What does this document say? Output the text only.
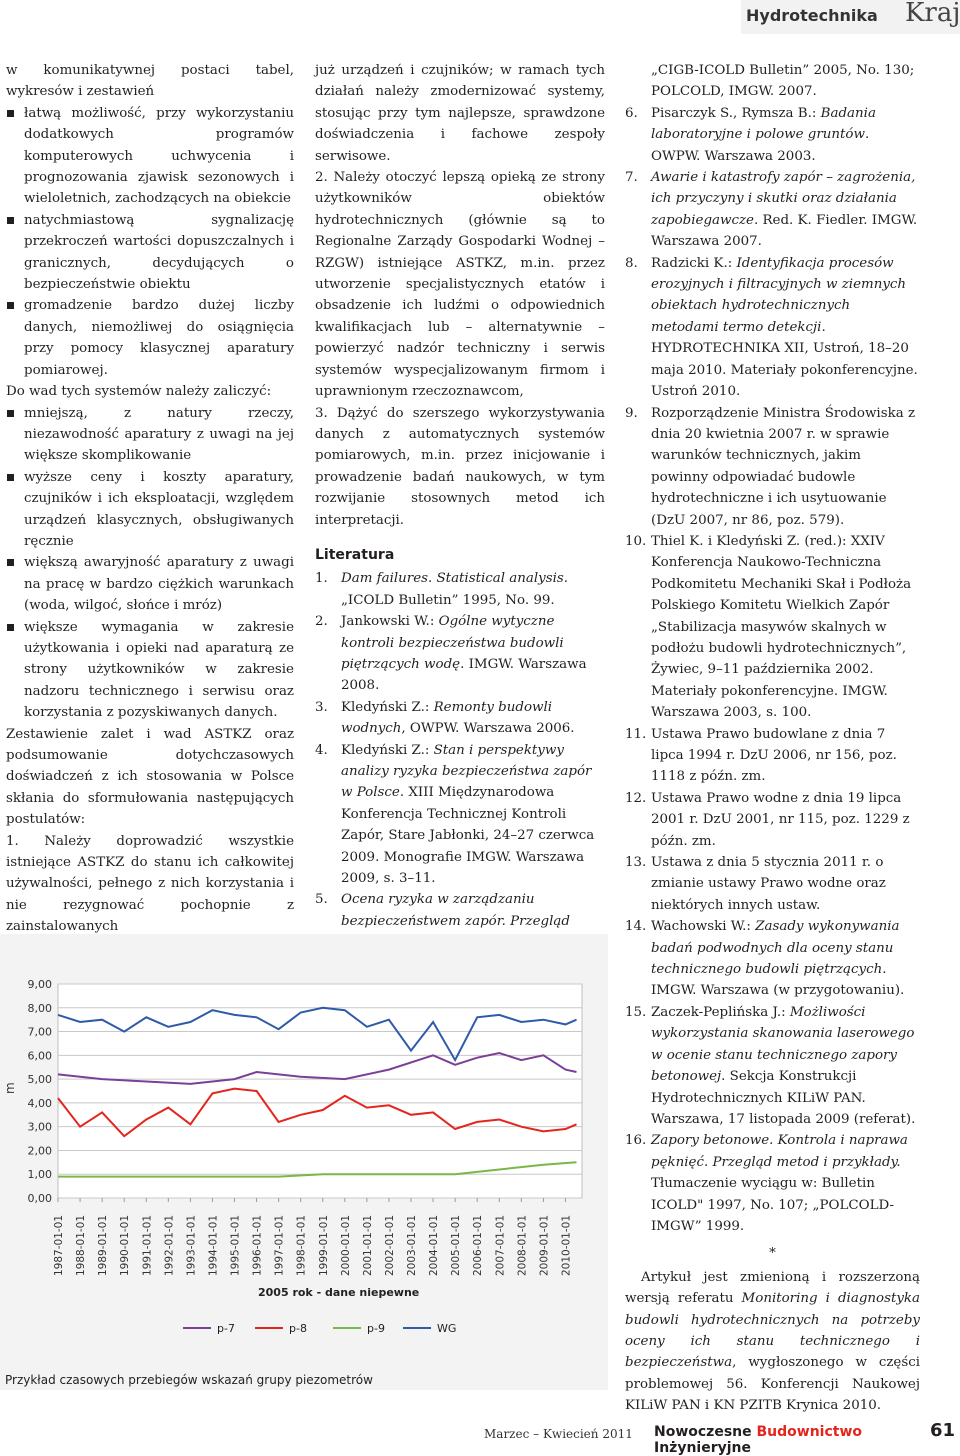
Hydrotechnika Kraj

w komunikatywnej postaci tabel, wykresów i zestawień

łatwą możliwość, przy wykorzystaniu dodatkowych programów komputerowych uchwycenia i prognozowania zjawisk sezonowych i wieloletnich, zachodzących na obiekcie
natychmiastową sygnalizację przekroczeń wartości dopuszczalnych i granicznych, decydujących o bezpieczeństwie obiektu
gromadzenie bardzo dużej liczby danych, niemożliwej do osiągnięcia przy pomocy klasycznej aparatury pomiarowej.

Do wad tych systemów należy zaliczyć:

mniejszą, z natury rzeczy, niezawodność aparatury z uwagi na jej większe skomplikowanie
wyższe ceny i koszty aparatury, czujników i ich eksploatacji, względem urządzeń klasycznych, obsługiwanych ręcznie
większą awaryjność aparatury z uwagi na pracę w bardzo ciężkich warunkach (woda, wilgoć, słońce i mróz)
większe wymagania w zakresie użytkowania i opieki nad aparaturą ze strony użytkowników w zakresie nadzoru technicznego i serwisu oraz korzystania z pozyskiwanych danych.

Zestawienie zalet i wad ASTKZ oraz podsumowanie dotychczasowych doświadczeń z ich stosowania w Polsce skłania do sformułowania następujących postulatów:

1. Należy doprowadzić wszystkie istniejące ASTKZ do stanu ich całkowitej używalności, pełnego z nich korzystania i nie rezygnować pochopnie z zainstalowanych

już urządzeń i czujników; w ramach tych działań należy zmodernizować systemy, stosując przy tym najlepsze, sprawdzone doświadczenia i fachowe zespoły serwisowe.

2. Należy otoczyć lepszą opieką ze strony użytkowników obiektów hydrotechnicznych (głównie są to Regionalne Zarządy Gospodarki Wodnej – RZGW) istniejące ASTKZ, m.in. przez utworzenie specjalistycznych etatów i obsadzenie ich ludźmi o odpowiednich kwalifikacjach lub – alternatywnie – powierzyć nadzór techniczny i serwis systemów wyspecjalizowanym firmom i uprawnionym rzeczoznawcom,

3. Dążyć do szerszego wykorzystywania danych z automatycznych systemów pomiarowych, m.in. przez inicjowanie i prowadzenie badań naukowych, w tym rozwijanie stosownych metod ich interpretacji.

Literatura
1. Dam failures. Statistical analysis. „ICOLD Bulletin” 1995, No. 99.
2. Jankowski W.: Ogólne wytyczne kontroli bezpieczeństwa budowli piętrzących wodę. IMGW. Warszawa 2008.
3. Kledyński Z.: Remonty budowli wodnych, OWPW. Warszawa 2006.
4. Kledyński Z.: Stan i perspektywy analizy ryzyka bezpieczeństwa zapór w Polsce. XIII Międzynarodowa Konferencja Technicznej Kontroli Zapór, Stare Jabłonki, 24–27 czerwca 2009. Monografie IMGW. Warszawa 2009, s. 3–11.
5. Ocena ryzyka w zarządzaniu bezpieczeństwem zapór. Przegląd
„CIGB-ICOLD Bulletin” 2005, No. 130; POLCOLD, IMGW. 2007.
6. Pisarczyk S., Rymsza B.: Badania laboratoryjne i polowe gruntów. OWPW. Warszawa 2003.
7. Awarie i katastrofy zapór – zagrożenia, ich przyczyny i skutki oraz działania zapobiegawcze. Red. K. Fiedler. IMGW. Warszawa 2007.
8. Radzicki K.: Identyfikacja procesów erozyjnych i filtracyjnych w ziemnych obiektach hydrotechnicznych metodami termo detekcji. HYDROTECHNIKA XII, Ustroń, 18–20 maja 2010. Materiały pokonferencyjne. Ustroń 2010.
9. Rozporządzenie Ministra Środowiska z dnia 20 kwietnia 2007 r. w sprawie warunków technicznych, jakim powinny odpowiadać budowle hydrotechniczne i ich usytuowanie (DzU 2007, nr 86, poz. 579).
10. Thiel K. i Kledyński Z. (red.): XXIV Konferencja Naukowo-Techniczna Podkomitetu Mechaniki Skał i Podłoża Polskiego Komitetu Wielkich Zapór „Stabilizacja masywów skalnych w podłożu budowli hydrotechnicznych”, Żywiec, 9–11 października 2002. Materiały pokonferencyjne. IMGW. Warszawa 2003, s. 100.
11. Ustawa Prawo budowlane z dnia 7 lipca 1994 r. DzU 2006, nr 156, poz. 1118 z późn. zm.
12. Ustawa Prawo wodne z dnia 19 lipca 2001 r. DzU 2001, nr 115, poz. 1229 z późn. zm.
13. Ustawa z dnia 5 stycznia 2011 r. o zmianie ustawy Prawo wodne oraz niektórych innych ustaw.
14. Wachowski W.: Zasady wykonywania badań podwodnych dla oceny stanu technicznego budowli piętrzących. IMGW. Warszawa (w przygotowaniu).
15. Zaczek-Peplińska J.: Możliwości wykorzystania skanowania laserowego w ocenie stanu technicznego zapory betonowej. Sekcja Konstrukcji Hydrotechnicznych KILiW PAN. Warszawa, 17 listopada 2009 (referat).
16. Zapory betonowe. Kontrola i naprawa pęknięć. Przegląd metod i przykłady. Tłumaczenie wyciągu w: Bulletin ICOLD" 1997, No. 107; „POLCOLD-IMGW” 1999.
*

Artykuł jest zmienioną i rozszerzoną wersją referatu Monitoring i diagnostyka budowli hydrotechnicznych na potrzeby oceny ich stanu technicznego i bezpieczeństwa, wygłoszonego w części problemowej 56. Konferencji Naukowej KILiW PAN i KN PZITB Krynica 2010.

0,00
1,00
2,00
3,00
4,00
5,00
6,00
7,00
8,00
9,00
m
1987-01-01 1988-01-01 1989-01-01 1990-01-01 1991-01-01 1992-01-01 1993-01-01 1994-01-01 1995-01-01 1996-01-01 1997-01-01 1998-01-01 1999-01-01 2000-01-01 2001-01-01 2002-01-01 2003-01-01 2004-01-01 2005-01-01 2006-01-01 2007-01-01 2008-01-01 2009-01-01 2010-01-01
2005 rok - dane niepewne
p-7	p-8	p-9	WG
Przykład czasowych przebiegów wskazań grupy piezometrów
Marzec – Kwiecień 2011 Nowoczesne Budownictwo Inżynieryjne
61
